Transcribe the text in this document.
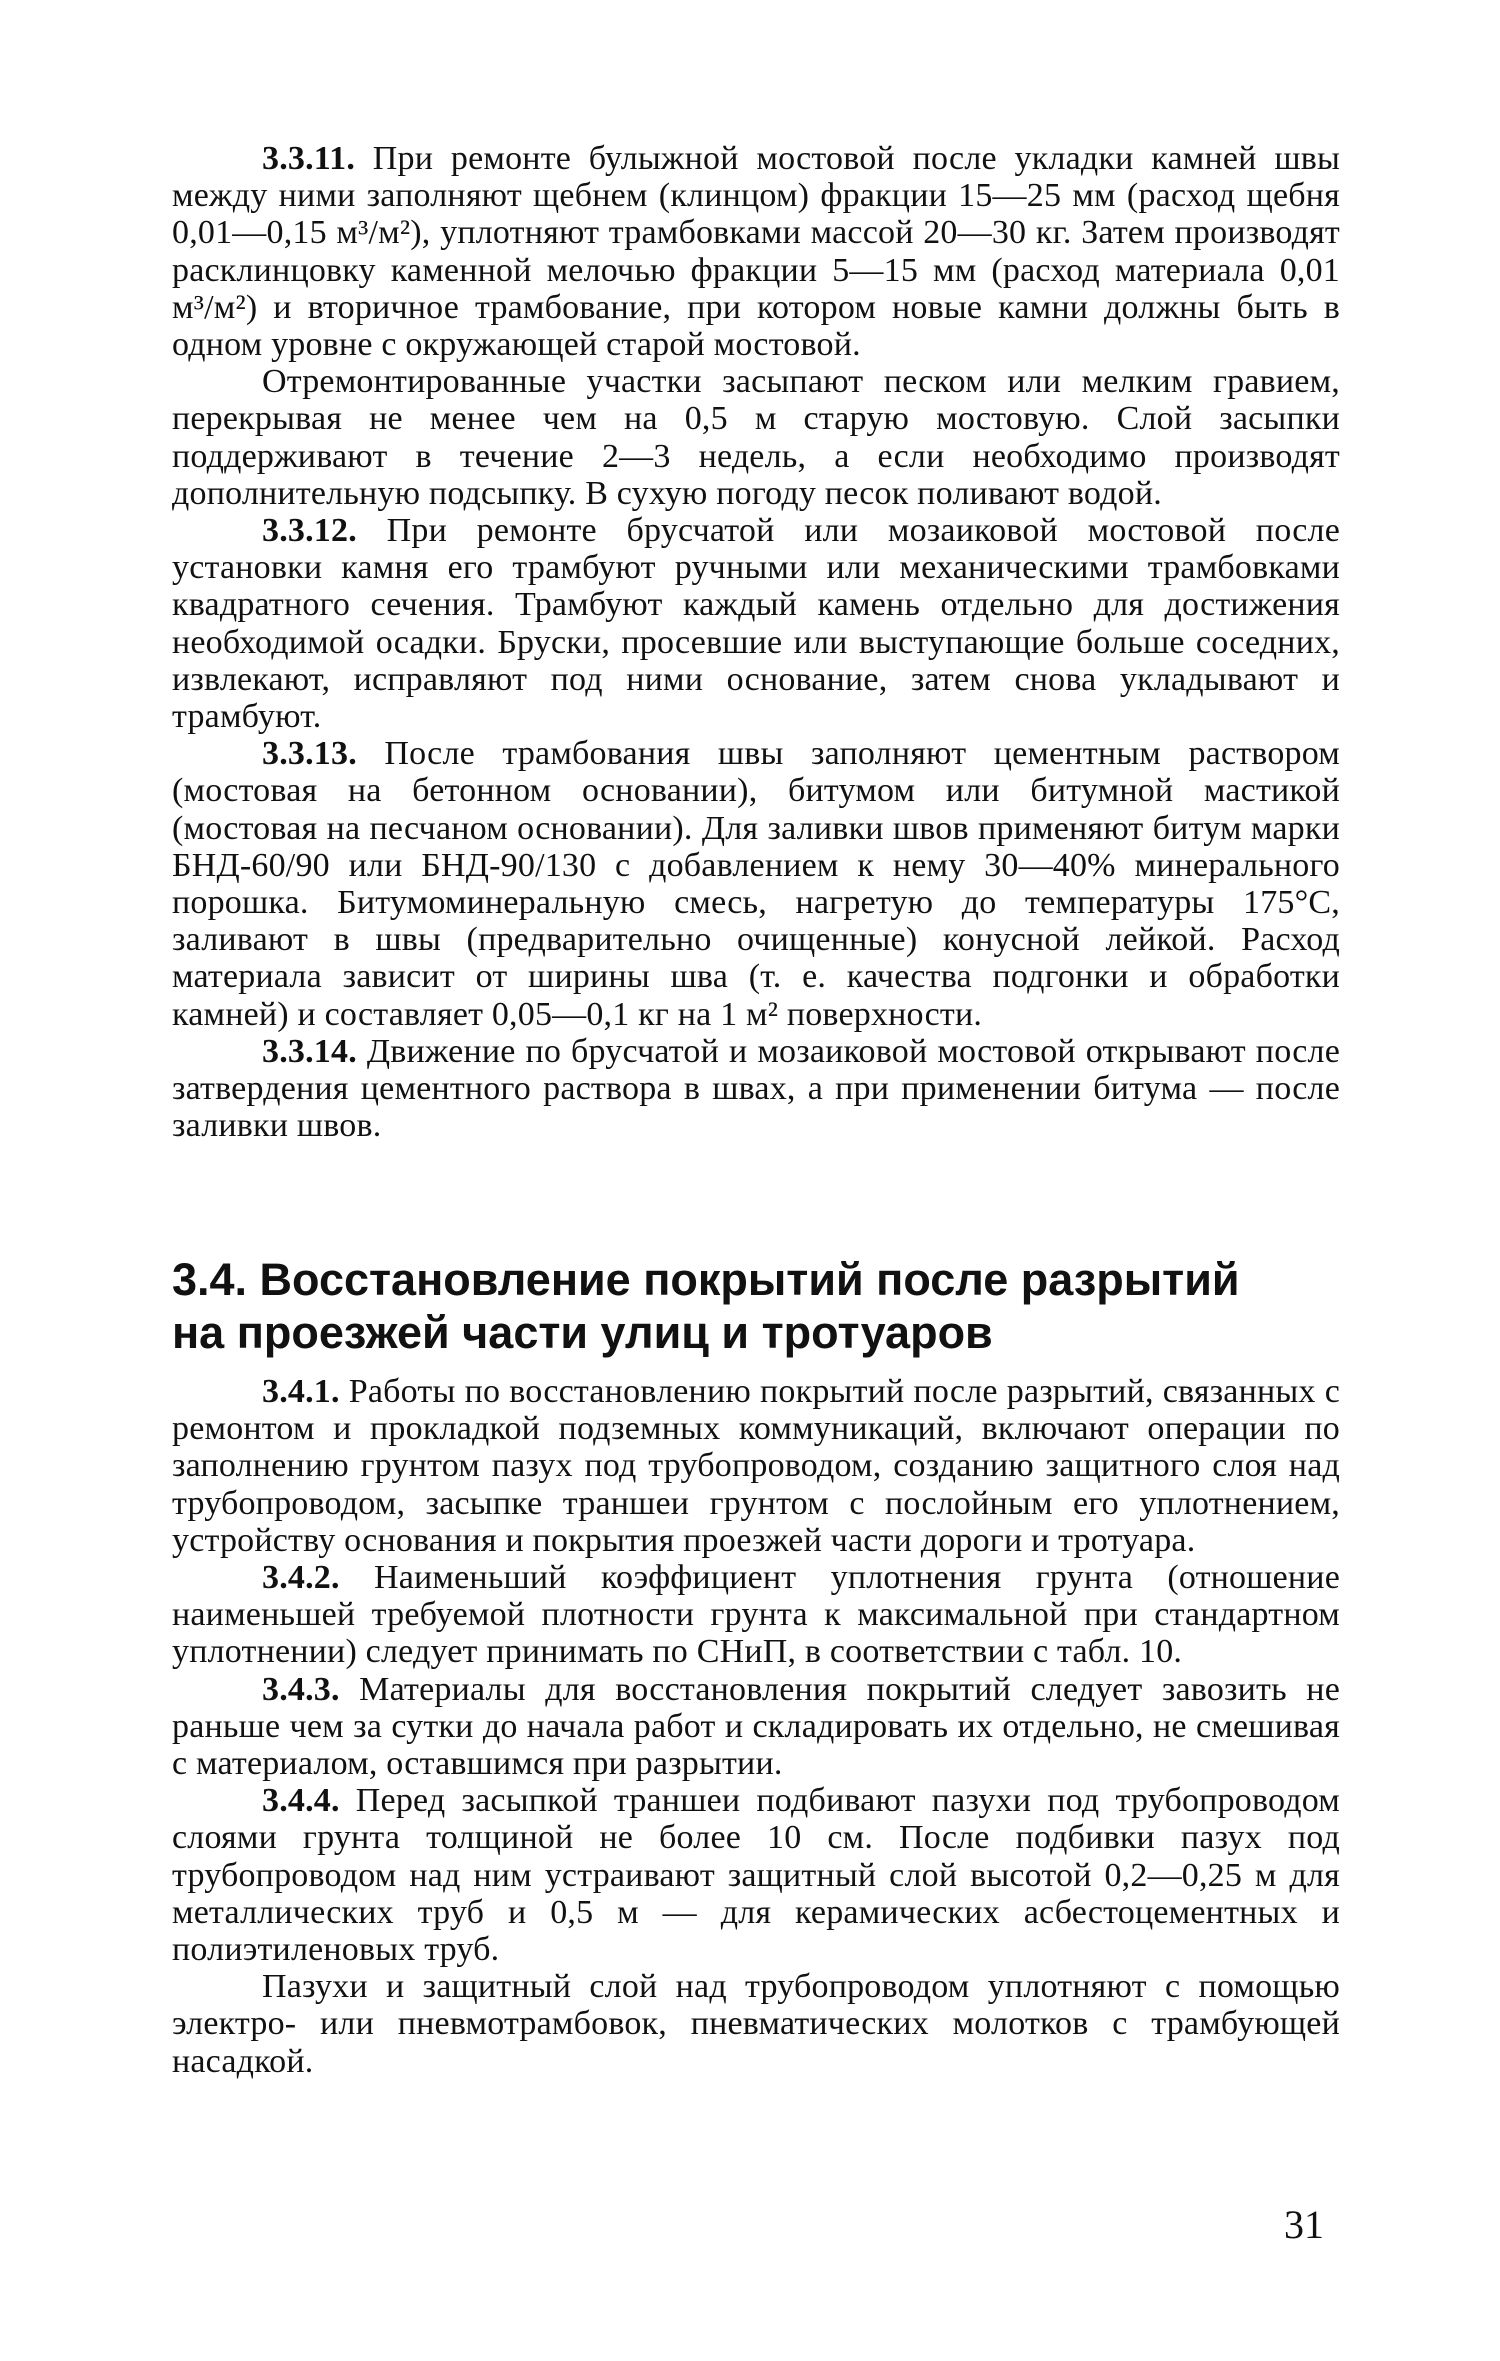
3.3.11. При ремонте булыжной мостовой после укладки камней швы между ними заполняют щебнем (клинцом) фракции 15—25 мм (расход щебня 0,01—0,15 м³/м²), уплотняют трамбовками массой 20—30 кг. Затем производят расклинцовку каменной мелочью фракции 5—15 мм (расход материала 0,01 м³/м²) и вторичное трамбование, при котором новые камни должны быть в одном уровне с окружающей старой мостовой.

Отремонтированные участки засыпают песком или мелким гравием, перекрывая не менее чем на 0,5 м старую мостовую. Слой засыпки поддерживают в течение 2—3 недель, а если необходимо производят дополнительную подсыпку. В сухую погоду песок поливают водой.

3.3.12. При ремонте брусчатой или мозаиковой мостовой после установки камня его трамбуют ручными или механическими трамбовками квадратного сечения. Трамбуют каждый камень отдельно для достижения необходимой осадки. Бруски, просевшие или выступающие больше соседних, извлекают, исправляют под ними основание, затем снова укладывают и трамбуют.

3.3.13. После трамбования швы заполняют цементным раствором (мостовая на бетонном основании), битумом или битумной мастикой (мостовая на песчаном основании). Для заливки швов применяют битум марки БНД-60/90 или БНД-90/130 с добавлением к нему 30—40% минерального порошка. Битумоминеральную смесь, нагретую до температуры 175°C, заливают в швы (предварительно очищенные) конусной лейкой. Расход материала зависит от ширины шва (т. е. качества подгонки и обработки камней) и составляет 0,05—0,1 кг на 1 м² поверхности.

3.3.14. Движение по брусчатой и мозаиковой мостовой открывают после затвердения цементного раствора в швах, а при применении битума — после заливки швов.

3.4. Восстановление покрытий после разрытий
на проезжей части улиц и тротуаров

3.4.1. Работы по восстановлению покрытий после разрытий, связанных с ремонтом и прокладкой подземных коммуникаций, включают операции по заполнению грунтом пазух под трубопроводом, созданию защитного слоя над трубопроводом, засыпке траншеи грунтом с послойным его уплотнением, устройству основания и покрытия проезжей части дороги и тротуара.

3.4.2. Наименьший коэффициент уплотнения грунта (отношение наименьшей требуемой плотности грунта к максимальной при стандартном уплотнении) следует принимать по СНиП, в соответствии с табл. 10.

3.4.3. Материалы для восстановления покрытий следует завозить не раньше чем за сутки до начала работ и складировать их отдельно, не смешивая с материалом, оставшимся при разрытии.

3.4.4. Перед засыпкой траншеи подбивают пазухи под трубопроводом слоями грунта толщиной не более 10 см. После подбивки пазух под трубопроводом над ним устраивают защитный слой высотой 0,2—0,25 м для металлических труб и 0,5 м — для керамических асбестоцементных и полиэтиленовых труб.

Пазухи и защитный слой над трубопроводом уплотняют с помощью электро- или пневмотрамбовок, пневматических молотков с трамбующей насадкой.

31
